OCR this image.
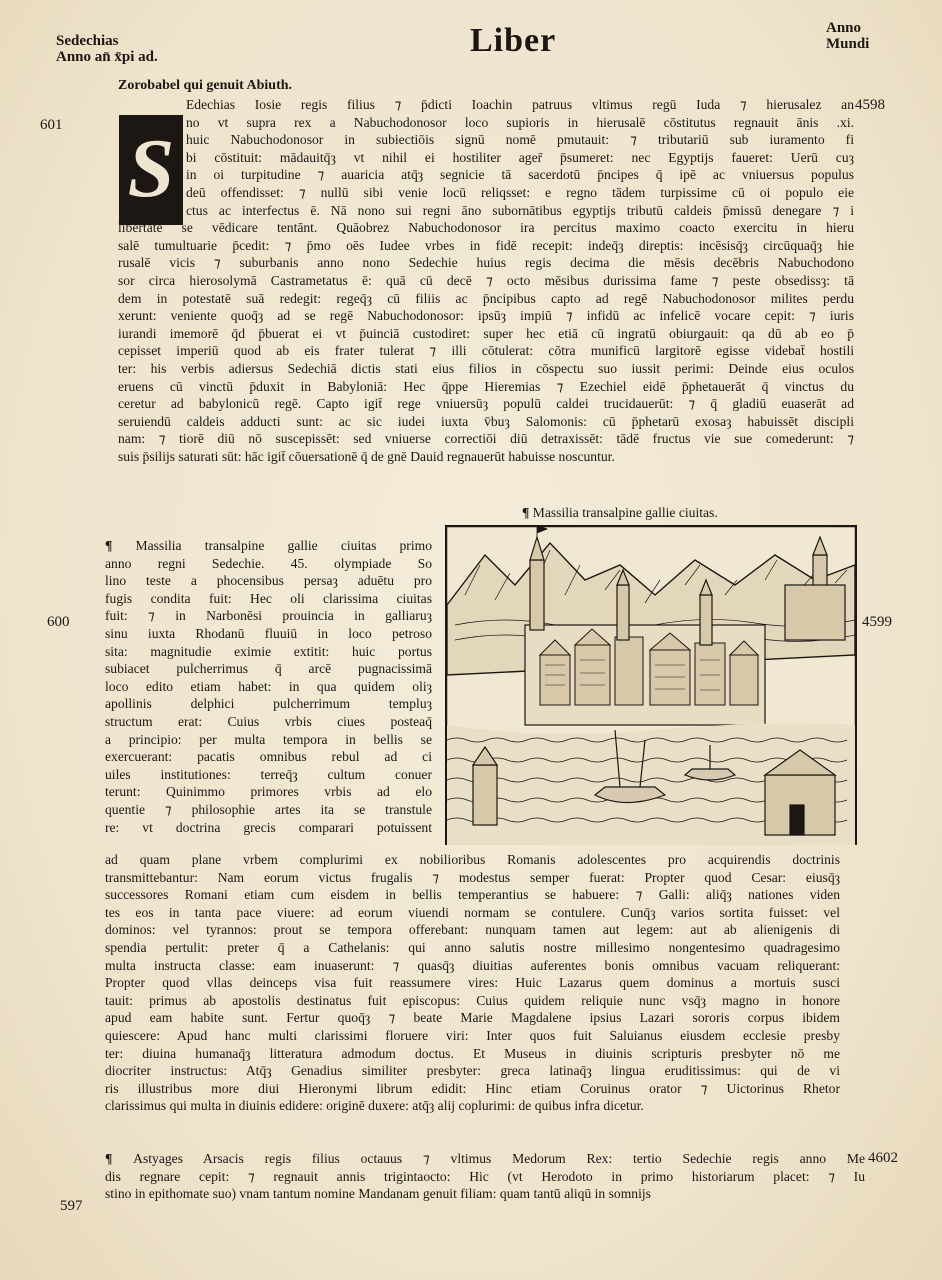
Sedechias
Anno an̄ x̄pi ad.	Liber	Anno
Mundi
601
4598
600	4599
597
4602
Zorobabel qui genuit Abiuth.
S
Edechias Iosie regis filius ⁊ p̄dicti Ioachin patruus vltimus regū Iuda ⁊ hierusalez an
no vt supra rex a Nabuchodonosor loco supioris in hierusalē cōstitutus regnauit ānis .xi.
huic Nabuchodonosor in subiectiōis signū nomē pmutauit: ⁊ tributariū sub iuramento fi
bi cōstituit: mādauitq̄ȝ vt nihil ei hostiliter ager̄ p̄sumeret: nec Egyptijs faueret: Uerū cuȝ
in oi turpitudine ⁊ auaricia atq̄ȝ segnicie tā sacerdotū p̄ncipes q̄ ipē ac vniuersus populus
deū offendisset: ⁊ nullū sibi venie locū reliqsset: e regno tādem turpissime cū oi populo eie
ctus ac interfectus ē. Nā nono sui regni āno subornātibus egyptijs tributū caldeis p̄missū denegare ⁊ i
libertatē se vēdicare tentānt. Quāobrez Nabuchodonosor ira percitus maximo coacto exercitu in hieru
salē tumultuarie p̄cedit: ⁊ p̄mo oēs Iudee vrbes in fidē recepit: indeq̄ȝ direptis: incēsisq̄ȝ circūquaq̄ȝ hie
rusalē vicis ⁊ suburbanis anno nono Sedechie huius regis decima die mēsis decēbris Nabuchodono
sor circa hierosolymā Castrametatus ē: quā cū decē ⁊ octo mēsibus durissima fame ⁊ peste obsedissȝ: tā
dem in potestatē suā redegit: regeq̄ȝ cū filiis ac p̄ncipibus capto ad regē Nabuchodonosor milites perdu
xerunt: veniente quoq̄ȝ ad se regē Nabuchodonosor: ipsūȝ impiū ⁊ infidū ac infelicē vocare cepit: ⁊ iuris
iurandi imemorē q̄d p̄buerat ei vt p̄uinciā custodiret: super hec etiā cū ingratū obiurgauit: qa dū ab eo p̄
cepisset imperiū quod ab eis frater tulerat ⁊ illi cōtulerat: cōtra munificū largitorē egisse videbat̄ hostili
ter: his verbis adiersus Sedechiā dictis stati eius filios in cōspectu suo iussit perimi: Deinde eius oculos
eruens cū vinctū p̄duxit in Babyloniā: Hec q̄ppe Hieremias ⁊ Ezechiel eidē p̄phetauerāt q̄ vinctus du
ceretur ad babylonicū regē. Capto igit̄ rege vniuersūȝ populū caldei trucidauerūt: ⁊ q̄ gladiū euaserāt ad
seruiendū caldeis adducti sunt: ac sic iudei iuxta v̄buȝ Salomonis: cū p̄phetarū exosaȝ habuissēt discipli
nam: ⁊ tiorē diū nō suscepissēt: sed vniuerse correctiōi diū detraxissēt: tādē fructus vie sue comederunt: ⁊
suis p̄silijs saturati sūt: hāc igit̄ cōuersationē q̄ de gnē Dauid regnauerūt habuisse noscuntur.
¶ Massilia transalpine gallie ciuitas.
¶ Massilia transalpine gallie ciuitas primo
anno regni Sedechie. 45. olympiade So
lino teste a phocensibus persaȝ aduētu pro
fugis condita fuit: Hec oli clarissima ciuitas
fuit: ⁊ in Narbonēsi prouincia in galliaruȝ
sinu iuxta Rhodanū fluuiū in loco petroso
sita: magnitudie eximie extitit: huic portus
subiacet pulcherrimus q̄ arcē pugnacissimā
loco edito etiam habet: in qua quidem oliȝ
apollinis delphici pulcherrimum templuȝ
structum erat: Cuius vrbis ciues posteaq̄
a principio: per multa tempora in bellis se
exercuerant: pacatis omnibus rebul ad ci
uiles institutiones: terreq̄ȝ cultum conuer
terunt: Quinimmo primores vrbis ad elo
quentie ⁊ philosophie artes ita se transtule
re: vt doctrina grecis comparari potuissent
ad quam plane vrbem complurimi ex nobilioribus Romanis adolescentes pro acquirendis doctrinis
transmittebantur: Nam eorum victus frugalis ⁊ modestus semper fuerat: Propter quod Cesar: eiusq̄ȝ
successores Romani etiam cum eisdem in bellis temperantius se habuere: ⁊ Galli: aliq̄ȝ nationes viden
tes eos in tanta pace viuere: ad eorum viuendi normam se contulere. Cunq̄ȝ varios sortita fuisset: vel
dominos: vel tyrannos: prout se tempora offerebant: nunquam tamen aut legem: aut ab alienigenis di
spendia pertulit: preter q̄ a Cathelanis: qui anno salutis nostre millesimo nongentesimo quadragesimo
multa instructa classe: eam inuaserunt: ⁊ quasq̄ȝ diuitias auferentes bonis omnibus vacuam reliquerant:
Propter quod vllas deinceps visa fuit reassumere vires: Huic Lazarus quem dominus a mortuis susci
tauit: primus ab apostolis destinatus fuit episcopus: Cuius quidem reliquie nunc vsq̄ȝ magno in honore
apud eam habite sunt. Fertur quoq̄ȝ ⁊ beate Marie Magdalene ipsius Lazari sororis corpus ibidem
quiescere: Apud hanc multi clarissimi floruere viri: Inter quos fuit Saluianus eiusdem ecclesie presby
ter: diuina humanaq̄ȝ litteratura admodum doctus. Et Museus in diuinis scripturis presbyter nō me
diocriter instructus: Atq̄ȝ Genadius similiter presbyter: greca latinaq̄ȝ lingua eruditissimus: qui de vi
ris illustribus more diui Hieronymi librum edidit: Hinc etiam Coruinus orator ⁊ Uictorinus Rhetor
clarissimus qui multa in diuinis edidere: originē duxere: atq̄ȝ alij coplurimi: de quibus infra dicetur.
¶ Astyages Arsacis regis filius octauus ⁊ vltimus Medorum Rex: tertio Sedechie regis anno Me
dis regnare cepit: ⁊ regnauit annis trigintaocto: Hic (vt Herodoto in primo historiarum placet: ⁊ Iu
stino in epithomate suo) vnam tantum nomine Mandanam genuit filiam: quam tantū aliqū in somnijs
